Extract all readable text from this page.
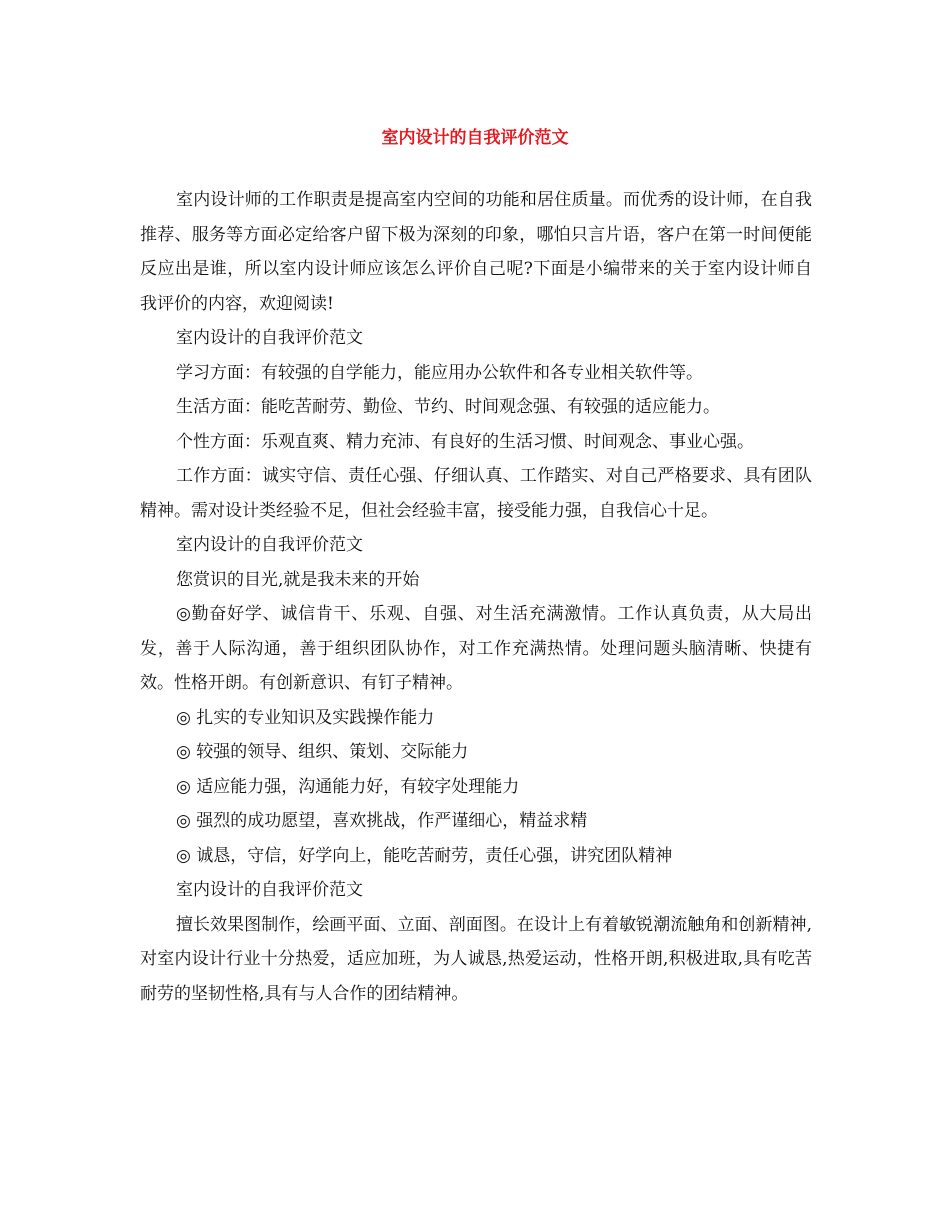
室内设计的自我评价范文

室内设计师的工作职责是提高室内空间的功能和居住质量。而优秀的设计师，在自我推荐、服务等方面必定给客户留下极为深刻的印象，哪怕只言片语，客户在第一时间便能反应出是谁，所以室内设计师应该怎么评价自己呢?下面是小编带来的关于室内设计师自我评价的内容，欢迎阅读!

室内设计的自我评价范文

学习方面：有较强的自学能力，能应用办公软件和各专业相关软件等。

生活方面：能吃苦耐劳、勤俭、节约、时间观念强、有较强的适应能力。

个性方面：乐观直爽、精力充沛、有良好的生活习惯、时间观念、事业心强。

工作方面：诚实守信、责任心强、仔细认真、工作踏实、对自己严格要求、具有团队精神。需对设计类经验不足，但社会经验丰富，接受能力强，自我信心十足。

室内设计的自我评价范文

您赏识的目光,就是我未来的开始

◎勤奋好学、诚信肯干、乐观、自强、对生活充满激情。工作认真负责，从大局出发，善于人际沟通，善于组织团队协作，对工作充满热情。处理问题头脑清晰、快捷有效。性格开朗。有创新意识、有钉子精神。

◎ 扎实的专业知识及实践操作能力

◎ 较强的领导、组织、策划、交际能力

◎ 适应能力强，沟通能力好，有较字处理能力

◎ 强烈的成功愿望，喜欢挑战，作严谨细心，精益求精

◎ 诚恳，守信，好学向上，能吃苦耐劳，责任心强，讲究团队精神

室内设计的自我评价范文

擅长效果图制作，绘画平面、立面、剖面图。在设计上有着敏锐潮流触角和创新精神, 对室内设计行业十分热爱，适应加班，为人诚恳,热爱运动，性格开朗,积极进取,具有吃苦耐劳的坚韧性格,具有与人合作的团结精神。
